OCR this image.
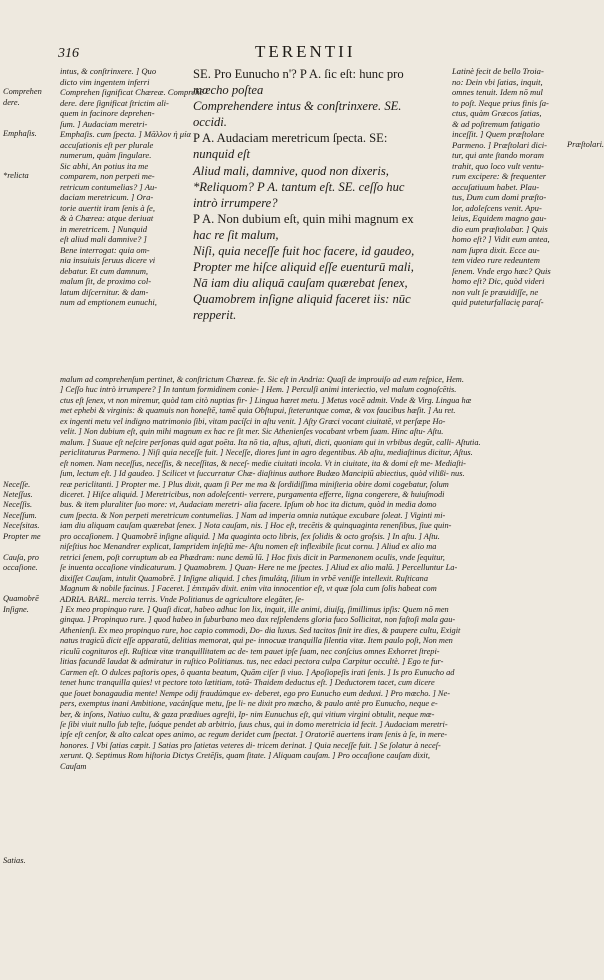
316	TERENTII
intus, & conſtrinxere. ] Quo
dicto vim ingentem inferri
Comprehen ſignificat Chæreæ. Comprehē
dere. dere ſignificat ſtrictim ali-
quem in facinore deprehen-
ſum. ] Audaciam meretri-
Emphaſis. cum ſpecta. ] Μᾶλλον ἡ μία
accuſationis eſt per plurale
numerum, quàm ſingulare.
Sic abhi, An potius ita me
comparem, non perpeti me-
retricum contumelias? ] Au-
daciam meretricum. ] Ora-
torie auertit iram ſenis à ſe,
& à Chærea: atque deriuat
in meretricem. ] Nunquid
eſt aliud mali damnive? ]
Bene interrogat: quia om-
nia insuiuis ſeruus dicere vi
debatur. Et cum damnum,
malum ſit, de proximo col-
latum diſcernitur. & dam-
num ad emptionem eunuchi,
SE. Pro Eunucho n'? P A. ſic eſt: hunc pro
mœcho poſtea
Comprehendere intus & conſtrinxere. SE.
occidi.
P A. Audaciam meretricum ſpecta. SE:
nunquid eſt
Aliud mali, damnive, quod non dixeris,
*Reliquom? P A. tantum eſt. SE. ceſſo huc
intrò irrumpere?
P A. Non dubium eſt, quin mihi magnum ex
hac re ſit malum,
Niſi, quia neceſſe fuit hoc facere, id gaudeo,
Propter me hiſce aliquid eſſe euenturū mali,
Nā iam diu aliquā cauſam quærebat ſenex,
Quamobrem inſigne aliquid faceret iis: nūc
repperit.
Latinè fecit de bello Troia-
no: Dein vbi ſatias, inquit,
omnes tenuit. Idem nō mul
to poſt. Neque prius finis ſa-
ctus, quàm Græcos ſatias,
& ad poſtremum fatigatio
inceſſit. ] Quem præſtolare
Parmeno. ] Præſtolari dici-
tur, qui ante ſtando moram
trahit, quo loco vult ventu-
rum excipere: & frequenter
accuſatiuum habet. Plau-
tus, Dum cum domi præſto-
lor, adoleſcens venit. Apu-
leius, Equidem magno gau-
dio eum præſtolabar. ] Quis
homo eſt? ] Vidit eum antea,
nam ſupra dixit. Ecce au-
tem video rure redeuntem
ſenem. Vnde ergo hæc? Quis
homo eſt? Dic, quòd videri
non vult ſe præuidiſſe, ne
quid puteturfallacię paraſ-
malum ad comprehenſum pertinet, & conſtrictum Chæreæ. fe. Sic eſt in Andria: Quaſi de improuiſo ad eum reſpice, Hem.
] Ceſſo huc intrò irrumpere? ] In tantum formidinem conie- ] Hem. ] Perculſi animi interiectio, vel malum cognoſcētis.
ctus eſt ſenex, vt non miremur, quòd tam citò nuptias fir- ] Lingua hæret metu. ] Metus vocē admit. Vnde & Virg. Lingua hæ
met ephebi & virginis: & quamuis non honeſtē, tamē quia Obſtupui, ſteteruntque comæ, & vox faucibus hæſit. ] Au ret.
ex ingenti metu vel indigno matrimonio ſibi, vitam pacíſci in aſtu venit. ] Aſty Græci vocant ciuitatē, vt perſæpe Ho-
velit. ] Non dubium eſt, quin mihi magnum ex hac re ſit mer. Sic Athenienſes vocabant vrbem ſuam. Hinc aſtu- Aſtu.
malum. ] Suaue eſt neſcire perſonas quid agat poēta. Ita nō tia, aſtus, aſtuti, dicti, quoniam qui in vrbibus degūt, calli- Aſtutia.
periclitaturus Parmeno. ] Niſi quia neceſſe fuit. ] Neceſſe, diores ſunt in agro degentibus. Ab aſtu, mediaſtinus dicitur, Aſtus.
eſt nomen. Nam neceſſus, neceſſis, & neceſſitas, & neceſ- medie ciuitati incola. Vt in ciuitate, ita & domi eſt me- Mediaſti-
ſum, lectum eſt. ] Id gaudeo. ] Scilicet vt ſuccurratur Chæ- diaſtinus authore Budæo Mancipiū abiectius, quòd vilißi- nus.
reæ periclitanti. ] Propter me. ] Plus dixit, quam ſi Per me ma & ſordidiſſima miniſteria obire domi cogebatur, ſolum
diceret. ] Hiſce aliquid. ] Meretricibus, non adoleſcenti- verrere, purgamenta efferre, ligna congerere, & huiuſmodi
bus. & item pluraliter ſuo more: vt, Audaciam meretri- alia facere. Ipſum ob hoc ita dictum, quòd in media domo
cum ſpecta. & Non perpeti meretricum contumelias. ] Nam ad imperia omnia nutúque excubare ſoleat. ] Viginti mi-
iam diu aliquam cauſam quærebat ſenex. ] Nota cauſam, nis. ] Hoc eſt, trecētis & quinquaginta renenſibus, ſiue quin-
pro occaſionem. ] Quamobrē inſigne aliquid. ] Ma quaginta octo libris, ſex ſolidis & octo groſsis. ] In aſtu. ] Aſtu.
niſeſtius hoc Menandrer explicat, Iampridem inſeſtū me- Aſtu nomen eſt inflexibile ſicut cornu. ] Aliud ex alio ma
retrici ſenem, poſt corruptum ab ea Phædram: nunc demū lū. ] Hoc fixis dicit in Parmenonem oculis, vnde ſequitur,
ſe inuenta occaſione vindicaturum. ] Quamobrem. ] Quan- Here ne me ſpectes. ] Aliud ex alio malū. ] Percelluntur La-
dixiſſet Cauſam, intulit Quamobrē. ] Inſigne aliquid. ] ches ſimulátq, ſilium in vrbē veniſſe intellexit. Ruſticana
Magnum & nobile facinus. ] Faceret. ] ἐπιτιμᾶν dixit. enim vita innocentior eſt, vt quæ ſola cum ſolis habeat com
ADRIA. BARL. mercia terris. Vnde Politianus de agricultore elegāter, ſe-
] Ex meo propinquo rure. ] Quaſi dicat, habeo adhuc lon lix, inquit, ille animi, diuiſq, ſimillimus ipſis: Quem nō men
ginqua. ] Propinquo rure. ] quod habeo in ſuburbano meo dax reſplendens gloria fuco Sollicitat, non faſtoſi mala gau-
Athenienſi. Ex meo propinquo rure, hoc capio commodi, Do- dia luxus. Sed tacitos ſinit ire dies, & paupere cultu, Exigit
natus tragicū dicit eſſe apparatū, delitias memorat, qui pe- innocuæ tranquilla ſilentia vitæ. Item paulo poſt, Non men
riculū cognituros eſt. Ruſticæ vitæ tranquillitatem ac de- tem pauet ipſe ſuam, nec conſcius omnes Exhorret ſtrepi-
litias facundē laudat & admiratur in ruſtico Politianus. tus, nec edaci pectora culpa Carpitur occultè. ] Ego te fur-
Carmen eſt. O dulces paſtoris opes, ô quanta beatum, Quām ciſer ſi viuo. ] Apoſiopeſis irati ſenis. ] Is pro Eunucho ad
tenet hunc tranquilla quies! vt pectore toto lætitiam, totā- Thaidem deductus eſt. ] Deductorem tacet, cum dicere
que ſouet bonagaudia mente! Nempe odij fraudúmque ex- deberet, ego pro Eunucho eum deduxi. ] Pro mœcho. ] Ne-
pers, exemptus inani Ambitione, vacánſque metu, ſpe li- ne dixit pro mœcho, & paulo antè pro Eunucho, neque e-
ber, & inſons, Natiuo cultu, & gaza prædiues agreſti, Ip- nim Eunuchus eſt, qui vitium virgini obtulit, neque mœ-
ſe ſibi viuit nullo ſub teſte, ſuóque pendet ab arbitrio, ſuus chus, qui in domo meretricia id fecit. ] Audaciam meretri-
ipſe eſt cenſor, & alto calcat opes animo, ac regum deridet cum ſpectat. ] Oratoriē auertens iram ſenis à ſe, in mere-
honores. ] Vbi ſatias cœpit. ] Satias pro ſatietas veteres di- tricem derinat. ] Quia neceſſe fuit. ] Se ſolatur à neceſ-
xerunt. Q. Septimus Rom hiſtoria Dictys Cretēſis, quam ſitate. ] Aliquam cauſam. ] Pro occaſione cauſam dixit,
Cauſam
Comprehen
dere.
Emphaſis.
*relicta
Neceſſe.
Neteſſus.
Neceſſis.
Neceſſum.
Neceſsitas.
Propter me
Cauſa, pro
occaſione.
Quamobrē
Inſigne.
Satias.
Præſtolari.
